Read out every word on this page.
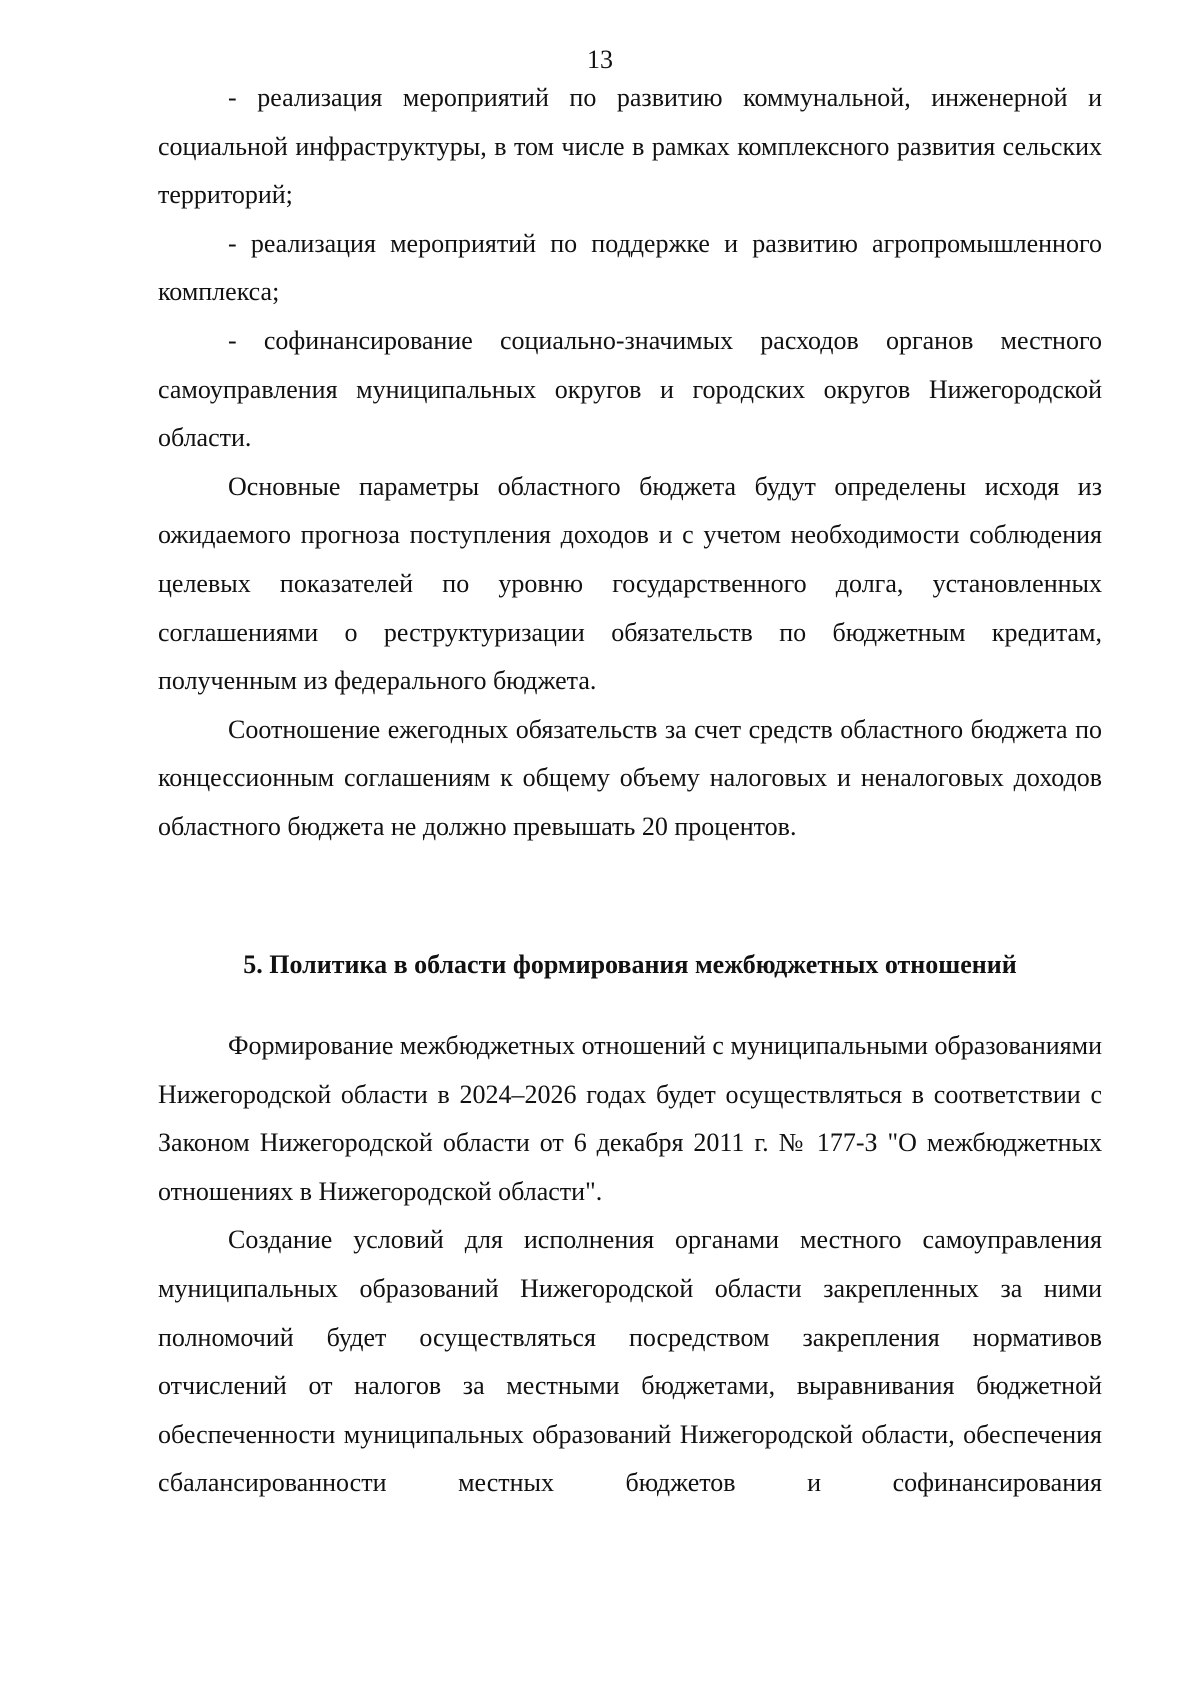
13

- реализация мероприятий по развитию коммунальной, инженерной и социальной инфраструктуры, в том числе в рамках комплексного развития сельских территорий;

- реализация мероприятий по поддержке и развитию агропромышленного комплекса;

- софинансирование социально-значимых расходов органов местного самоуправления муниципальных округов и городских округов Нижегородской области.

Основные параметры областного бюджета будут определены исходя из ожидаемого прогноза поступления доходов и с учетом необходимости соблюдения целевых показателей по уровню государственного долга, установленных соглашениями о реструктуризации обязательств по бюджетным кредитам, полученным из федерального бюджета.

Соотношение ежегодных обязательств за счет средств областного бюджета по концессионным соглашениям к общему объему налоговых и неналоговых доходов областного бюджета не должно превышать 20 процентов.

5. Политика в области формирования межбюджетных отношений

Формирование межбюджетных отношений с муниципальными образованиями Нижегородской области в 2024–2026 годах будет осуществляться в соответствии с Законом Нижегородской области от 6 декабря 2011 г. № 177-З "О межбюджетных отношениях в Нижегородской области".

Создание условий для исполнения органами местного самоуправления муниципальных образований Нижегородской области закрепленных за ними полномочий будет осуществляться посредством закрепления нормативов отчислений от налогов за местными бюджетами, выравнивания бюджетной обеспеченности муниципальных образований Нижегородской области, обеспечения сбалансированности местных бюджетов и софинансирования
